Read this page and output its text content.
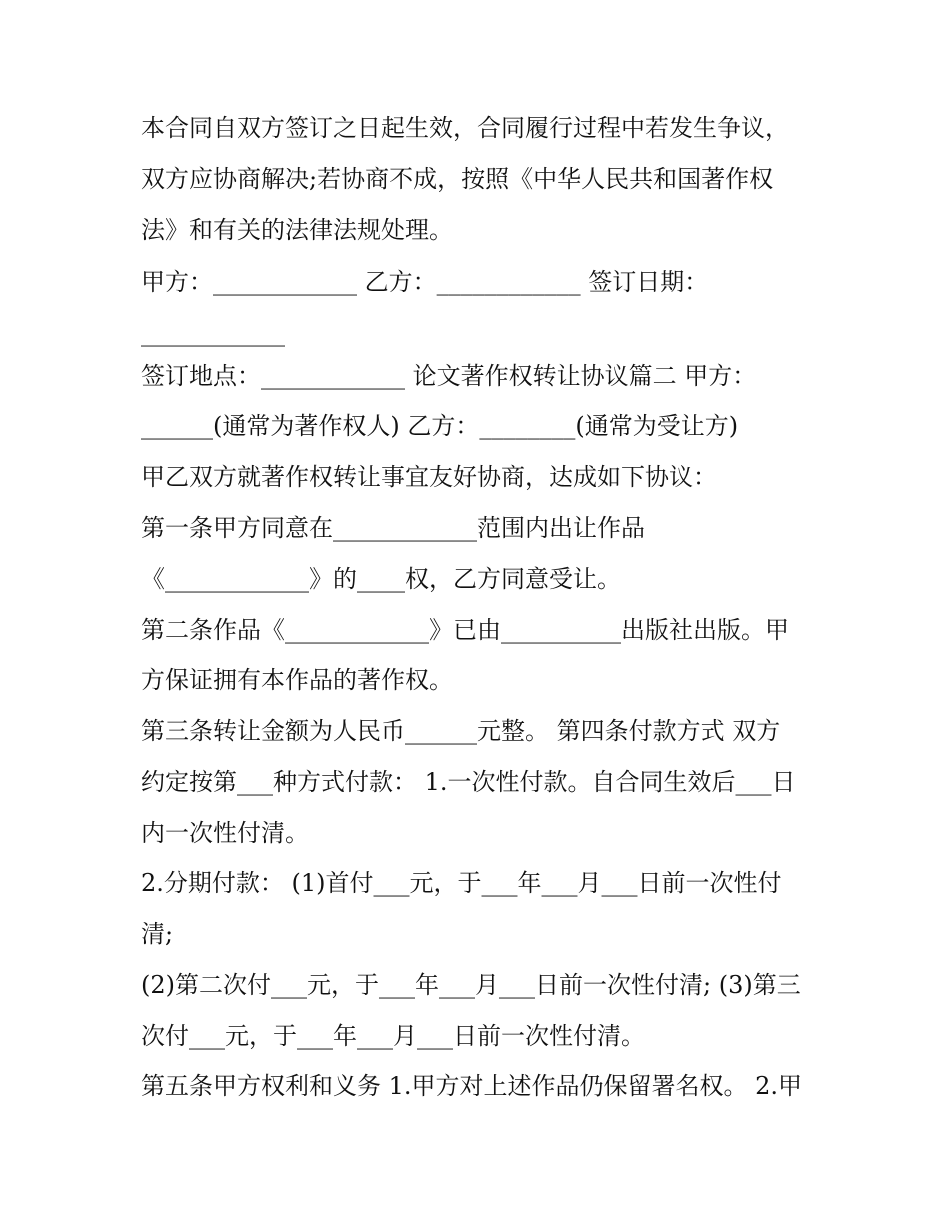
本合同自双方签订之日起生效，合同履行过程中若发生争议，
双方应协商解决;若协商不成，按照《中华人民共和国著作权
法》和有关的法律法规处理。
甲方：____________ 乙方：____________ 签订日期：
____________
签订地点：____________ 论文著作权转让协议篇二 甲方：
______(通常为著作权人) 乙方：________(通常为受让方)
甲乙双方就著作权转让事宜友好协商，达成如下协议：
第一条甲方同意在____________范围内出让作品
《____________》的____权，乙方同意受让。
第二条作品《____________》已由__________出版社出版。甲
方保证拥有本作品的著作权。
第三条转让金额为人民币______元整。 第四条付款方式 双方
约定按第___种方式付款： 1.一次性付款。自合同生效后___日
内一次性付清。
2.分期付款： (1)首付___元，于___年___月___日前一次性付
清;
(2)第二次付___元，于___年___月___日前一次性付清; (3)第三
次付___元，于___年___月___日前一次性付清。
第五条甲方权利和义务 1.甲方对上述作品仍保留署名权。 2.甲
